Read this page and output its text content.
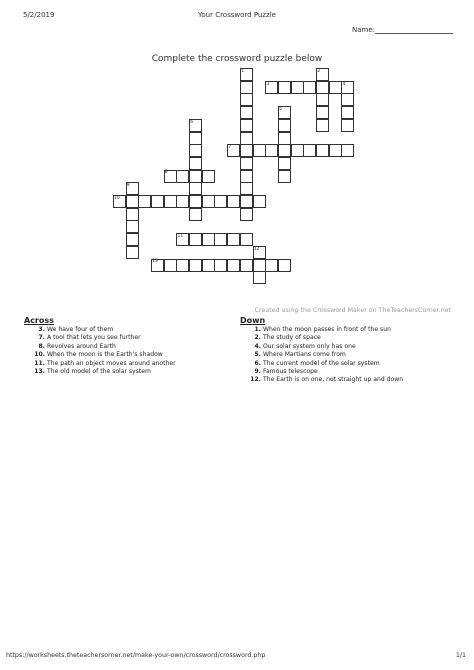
5/2/2019	Your Crossword Puzzle
Name:
Complete the crossword puzzle below
1	2
3	4
5
6
7
8
9
10
11
12
13
Created using the Crossword Maker on TheTeachersCorner.net
Across
3. We have four of them
7. A tool that lets you see further
8. Revolves around Earth
10. When the moon is the Earth's shadow
11. The path an object moves around another
13. The old model of the solar system
Down
1. When the moon passes in front of the sun
2. The study of space
4. Our solar system only has one
5. Where Martians come from
6. The current model of the solar system
9. Famous telescope
12. The Earth is on one, not straight up and down
https://worksheets.theteachersorner.net/make-your-own/crossword/crossword.php	1/1
